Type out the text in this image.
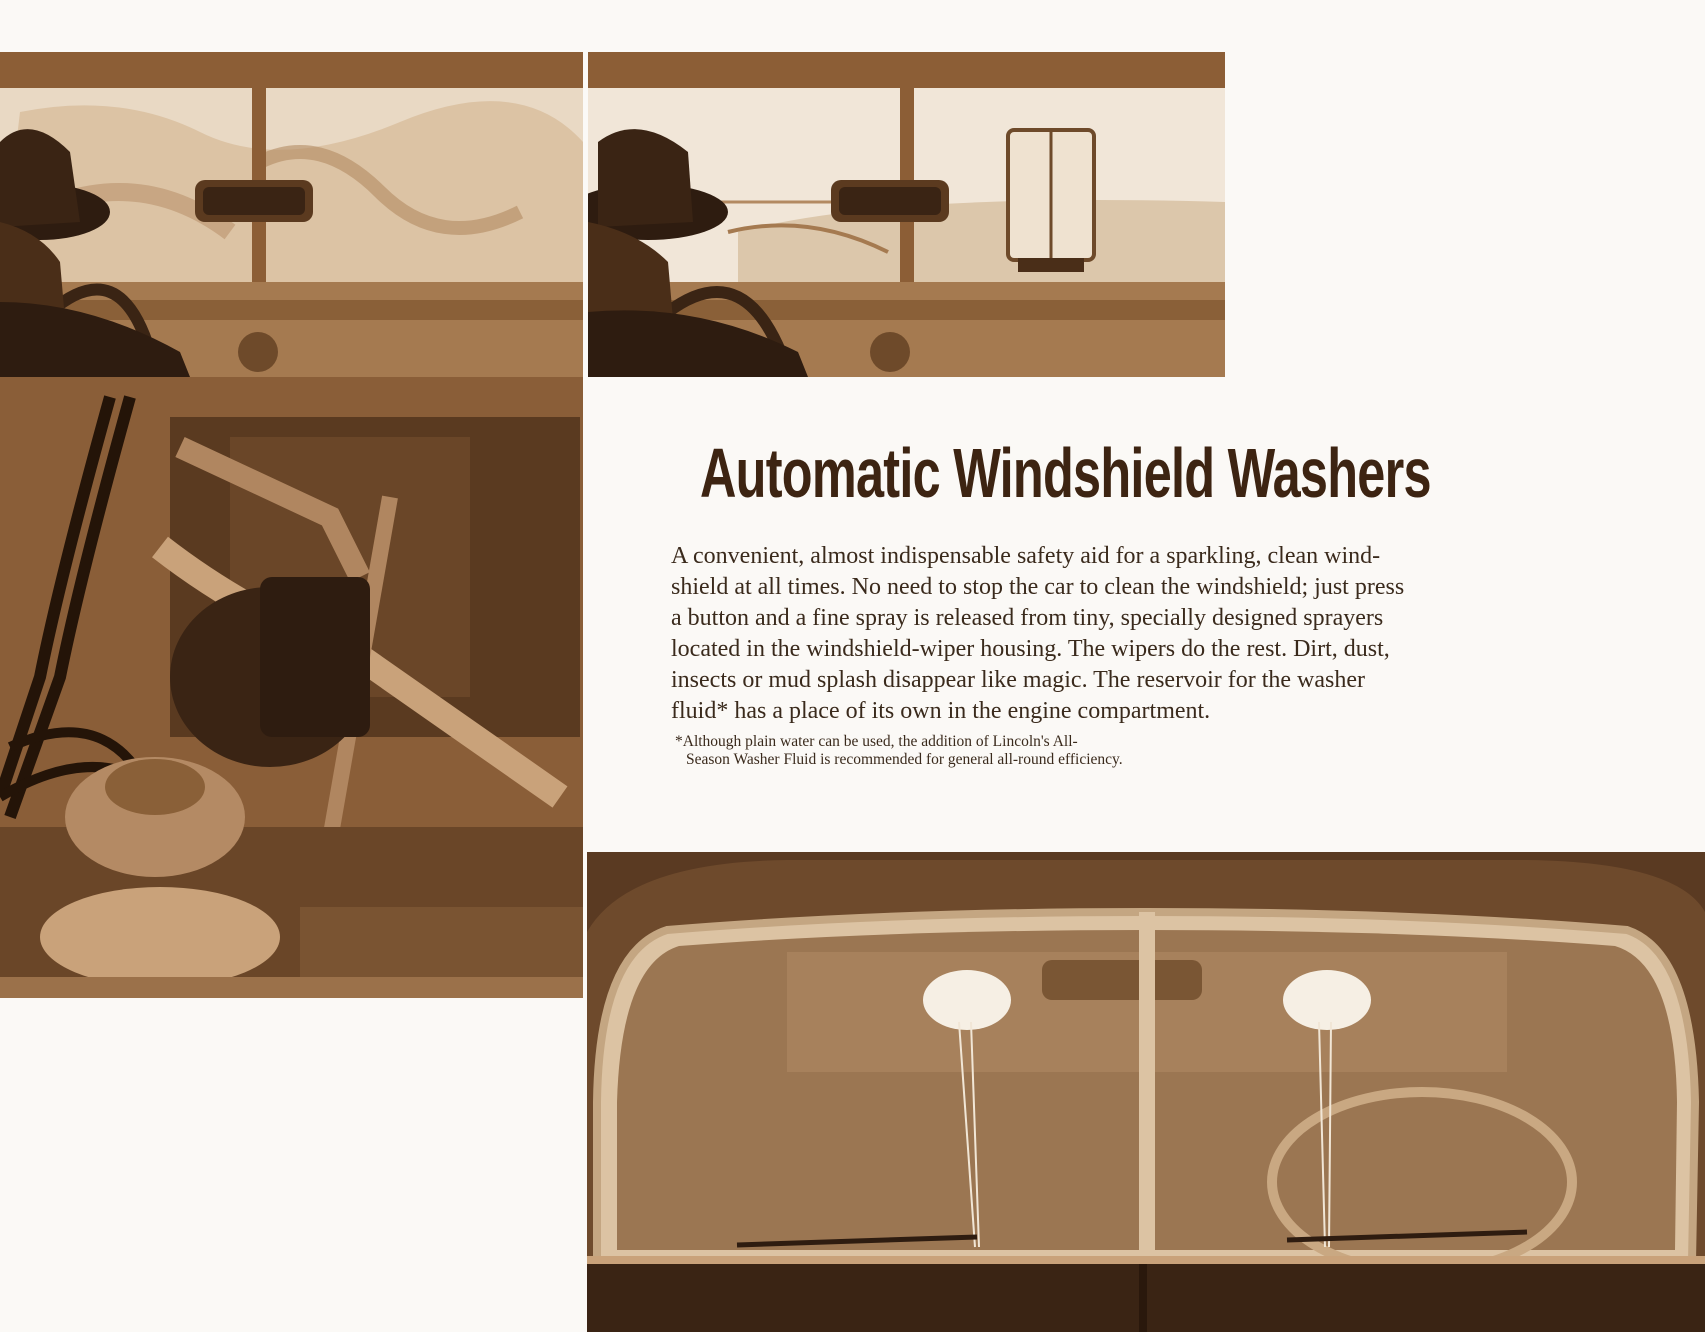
Automatic Windshield Washers

A convenient, almost indispensable safety aid for a sparkling, clean wind-

shield at all times. No need to stop the car to clean the windshield; just press

a button and a fine spray is released from tiny, specially designed sprayers

located in the windshield-wiper housing. The wipers do the rest. Dirt, dust,

insects or mud splash disappear like magic. The reservoir for the washer

fluid* has a place of its own in the engine compartment.

*Although plain water can be used, the addition of Lincoln's All-

Season Washer Fluid is recommended for general all-round efficiency.
